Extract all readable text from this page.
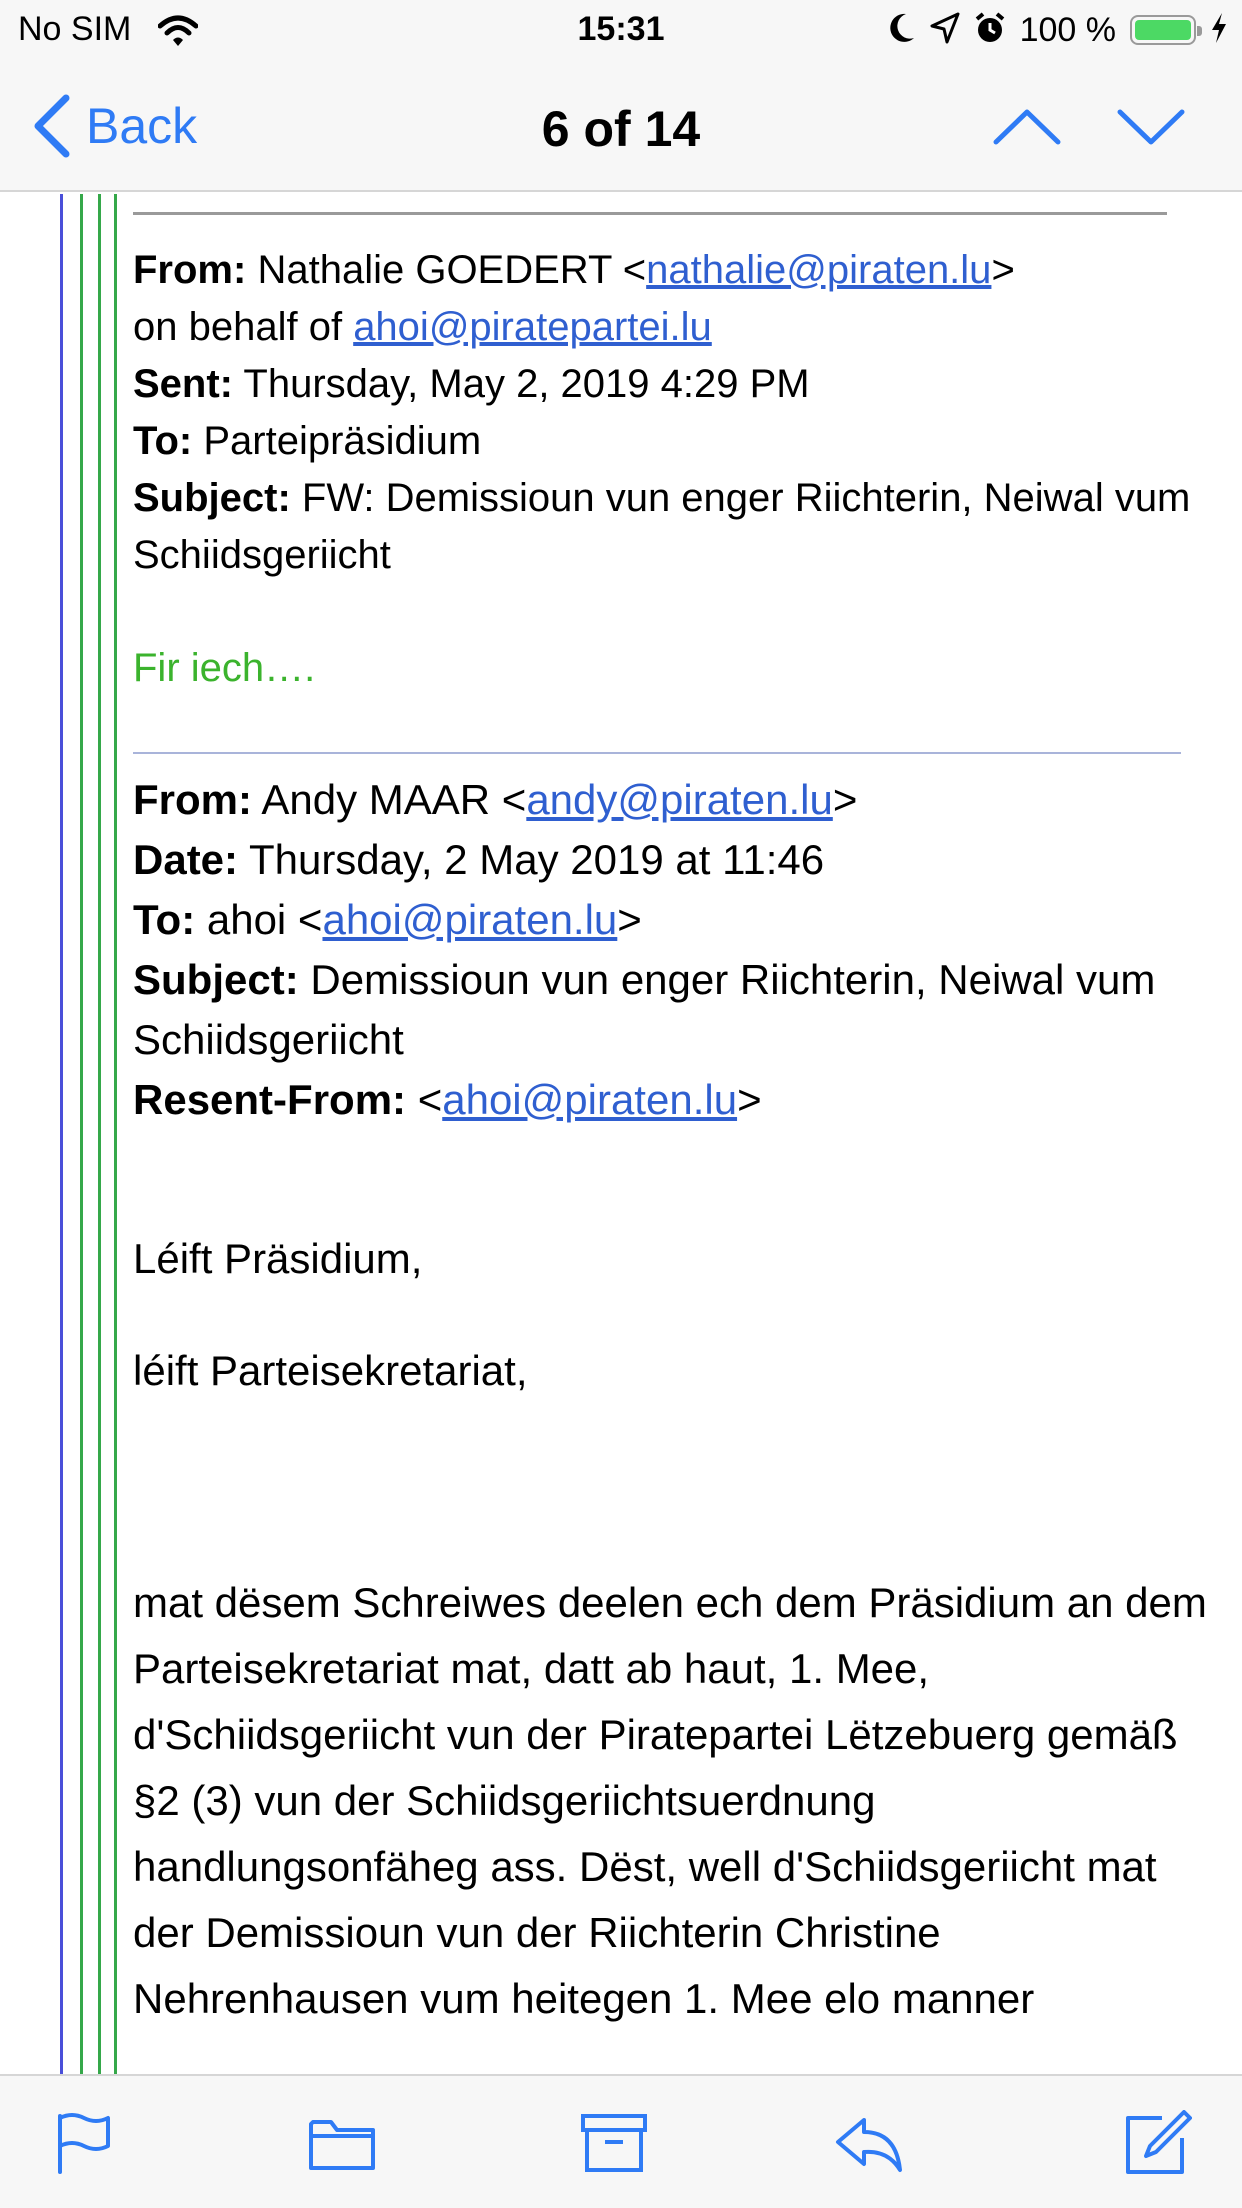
No SIM	15:31	100 %
Back	6 of 14
From: Nathalie GOEDERT <nathalie@piraten.lu>
on behalf of ahoi@piratepartei.lu
Sent: Thursday, May 2, 2019 4:29 PM
To: Parteipräsidium
Subject: FW: Demissioun vun enger Riichterin, Neiwal vum Schiidsgeriicht
Fir iech….
From: Andy MAAR <andy@piraten.lu>
Date: Thursday, 2 May 2019 at 11:46
To: ahoi <ahoi@piraten.lu>
Subject: Demissioun vun enger Riichterin, Neiwal vum Schiidsgeriicht
Resent-From: <ahoi@piraten.lu>
Léift Präsidium,
léift Parteisekretariat,
mat dësem Schreiwes deelen ech dem Präsidium an dem Parteisekretariat mat, datt ab haut, 1. Mee, d'Schiidsgeriicht vun der Piratepartei Lëtzebuerg gemäß §2 (3) vun der Schiidsgeriichtsuerdnung handlungsonfäheg ass. Dëst, well d'Schiidsgeriicht mat der Demissioun vun der Riichterin Christine Nehrenhausen vum heitegen 1. Mee elo manner
